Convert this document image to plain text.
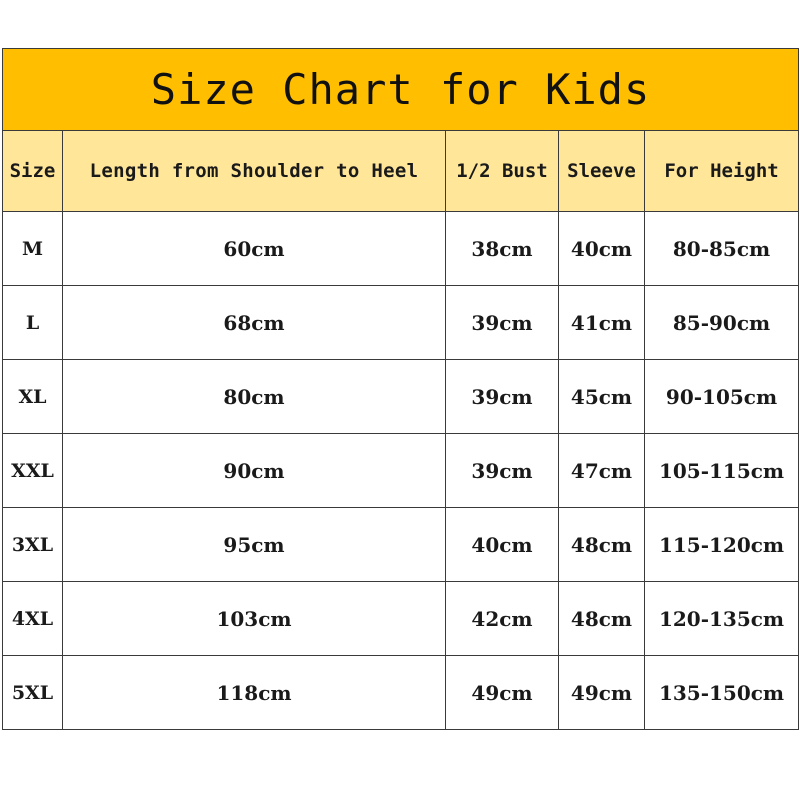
Size Chart for Kids				
Size	Length from Shoulder to Heel	1/2 Bust	Sleeve	For Height
M	60cm	38cm	40cm	80-85cm
L	68cm	39cm	41cm	85-90cm
XL	80cm	39cm	45cm	90-105cm
XXL	90cm	39cm	47cm	105-115cm
3XL	95cm	40cm	48cm	115-120cm
4XL	103cm	42cm	48cm	120-135cm
5XL	118cm	49cm	49cm	135-150cm
